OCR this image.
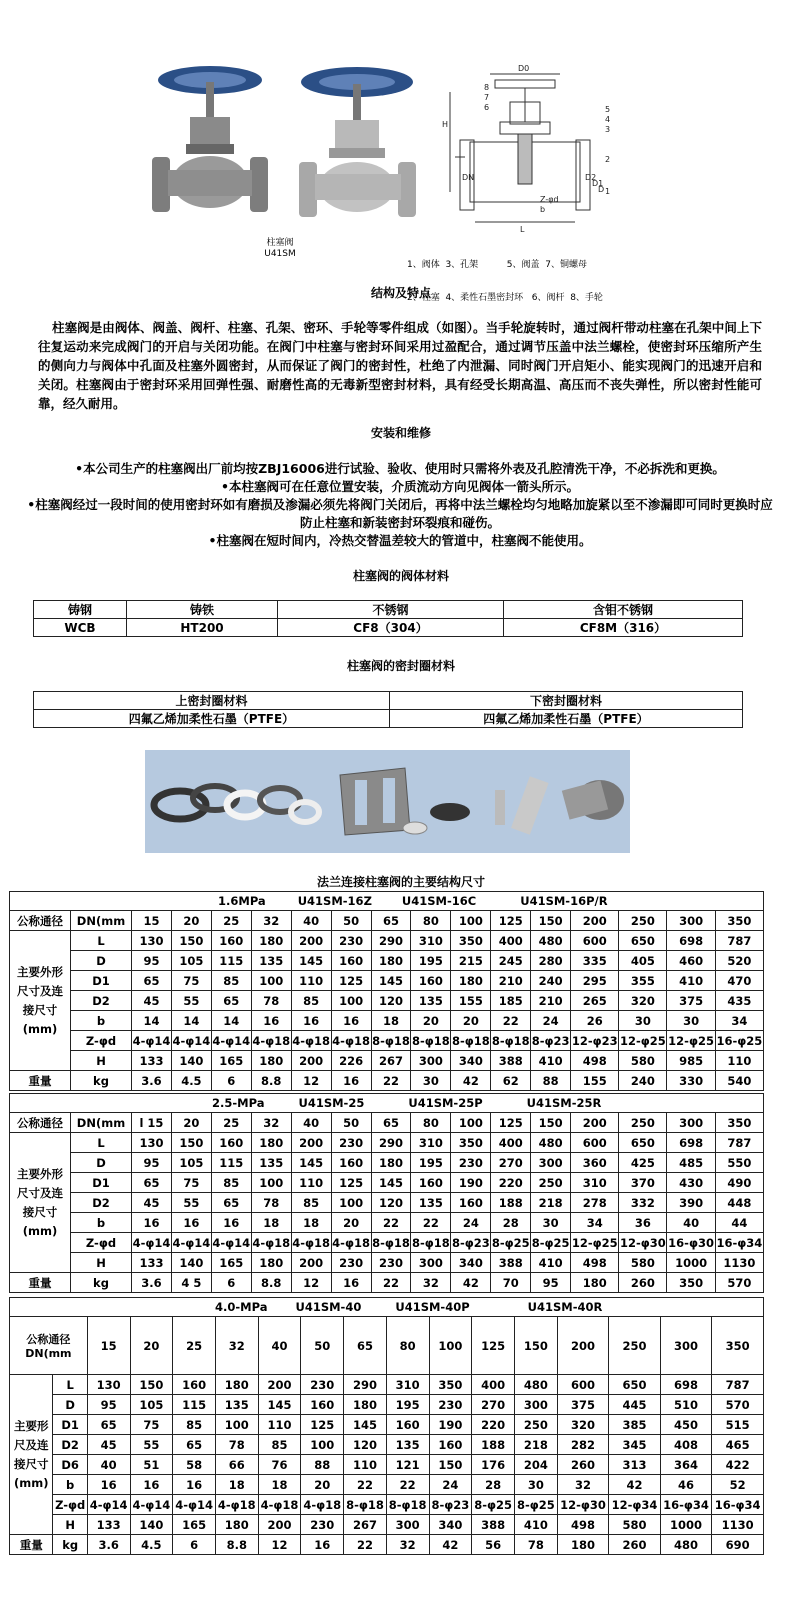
D0
8
7
6	5
4
3
2
1
H
DN	D2
D1
D
L
b
Z-φd
柱塞阀
U41SM

1、阀体  3、孔架          5、阀盖  7、铜螺母

2、柱塞  4、柔性石墨密封环   6、阀杆  8、手轮

结构及特点
柱塞阀是由阀体、阀盖、阀杆、柱塞、孔架、密环、手轮等零件组成（如图）。当手轮旋转时，通过阀杆带动柱塞在孔架中间上下往复运动来完成阀门的开启与关闭功能。在阀门中柱塞与密封环间采用过盈配合，通过调节压盖中法兰螺栓，使密封环压缩所产生的侧向力与阀体中孔面及柱塞外圆密封，从而保证了阀门的密封性，杜绝了内泄漏、同时阀门开启矩小、能实现阀门的迅速开启和关闭。柱塞阀由于密封环采用回弹性强、耐磨性高的无毒新型密封材料，具有经受长期高温、高压而不丧失弹性，所以密封性能可靠，经久耐用。
安装和维修
•本公司生产的柱塞阀出厂前均按ZBJ16006进行试验、验收、使用时只需将外表及孔腔清洗干净，不必拆洗和更换。
•本柱塞阀可在任意位置安装，介质流动方向见阀体一箭头所示。
•柱塞阀经过一段时间的使用密封环如有磨损及渗漏必须先将阀门关闭后，再将中法兰螺栓均匀地略加旋紧以至不渗漏即可同时更换时应防止柱塞和新装密封环裂痕和碰伤。
•柱塞阀在短时间内，冷热交替温差较大的管道中，柱塞阀不能使用。
柱塞阀的阀体材料
铸钢	铸铁	不锈钢	含钼不锈钢
WCB	HT200	CF8（304）	CF8M（316）
柱塞阀的密封圈材料
上密封圈材料	下密封圈材料
四氟乙烯加柔性石墨（PTFE）	四氟乙烯加柔性石墨（PTFE）
法兰连接柱塞阀的主要结构尺寸
1.6MPa U41SM-16Z U41SM-16C U41SM-16P/R																
公称通径	DN(mm	15	20	25	32	40	50	65	80	100	125	150	200	250	300	350
主要外形尺寸及连接尺寸(mm)	L	130	150	160	180	200	230	290	310	350	400	480	600	650	698	787
	D	95	105	115	135	145	160	180	195	215	245	280	335	405	460	520
	D1	65	75	85	100	110	125	145	160	180	210	240	295	355	410	470
	D2	45	55	65	78	85	100	120	135	155	185	210	265	320	375	435
	b	14	14	14	16	16	16	18	20	20	22	24	26	30	30	34
	Z-φd	4-φ14	4-φ14	4-φ14	4-φ18	4-φ18	4-φ18	8-φ18	8-φ18	8-φ18	8-φ18	8-φ23	12-φ23	12-φ25	12-φ25	16-φ25
	H	133	140	165	180	200	226	267	300	340	388	410	498	580	985	110
重量	kg	3.6	4.5	6	8.8	12	16	22	30	42	62	88	155	240	330	540
2.5-MPa U41SM-25 U41SM-25P U41SM-25R																
公称通径	DN(mm	l 15	20	25	32	40	50	65	80	100	125	150	200	250	300	350
主要外形尺寸及连接尺寸(mm)	L	130	150	160	180	200	230	290	310	350	400	480	600	650	698	787
	D	95	105	115	135	145	160	180	195	230	270	300	360	425	485	550
	D1	65	75	85	100	110	125	145	160	190	220	250	310	370	430	490
	D2	45	55	65	78	85	100	120	135	160	188	218	278	332	390	448
	b	16	16	16	18	18	20	22	22	24	28	30	34	36	40	44
	Z-φd	4-φ14	4-φ14	4-φ14	4-φ18	4-φ18	4-φ18	8-φ18	8-φ18	8-φ23	8-φ25	8-φ25	12-φ25	12-φ30	16-φ30	16-φ34
	H	133	140	165	180	200	230	230	300	340	388	410	498	580	1000	1130
重量	kg	3.6	4 5	6	8.8	12	16	22	32	42	70	95	180	260	350	570
4.0-MPa U41SM-40 U41SM-40P U41SM-40R																

公称通径
DN(mm		15	20	25	32	40	50	65	80	100	125	150	200	250	300	350
主要形尺及连接尺寸(mm)	L	130	150	160	180	200	230	290	310	350	400	480	600	650	698	787
	D	95	105	115	135	145	160	180	195	230	270	300	375	445	510	570
	D1	65	75	85	100	110	125	145	160	190	220	250	320	385	450	515
	D2	45	55	65	78	85	100	120	135	160	188	218	282	345	408	465
	D6	40	51	58	66	76	88	110	121	150	176	204	260	313	364	422
	b	16	16	16	18	18	20	22	22	24	28	30	32	42	46	52
	Z-φd	4-φ14	4-φ14	4-φ14	4-φ18	4-φ18	4-φ18	8-φ18	8-φ18	8-φ23	8-φ25	8-φ25	12-φ30	12-φ34	16-φ34	16-φ34
	H	133	140	165	180	200	230	267	300	340	388	410	498	580	1000	1130
重量	kg	3.6	4.5	6	8.8	12	16	22	32	42	56	78	180	260	480	690
